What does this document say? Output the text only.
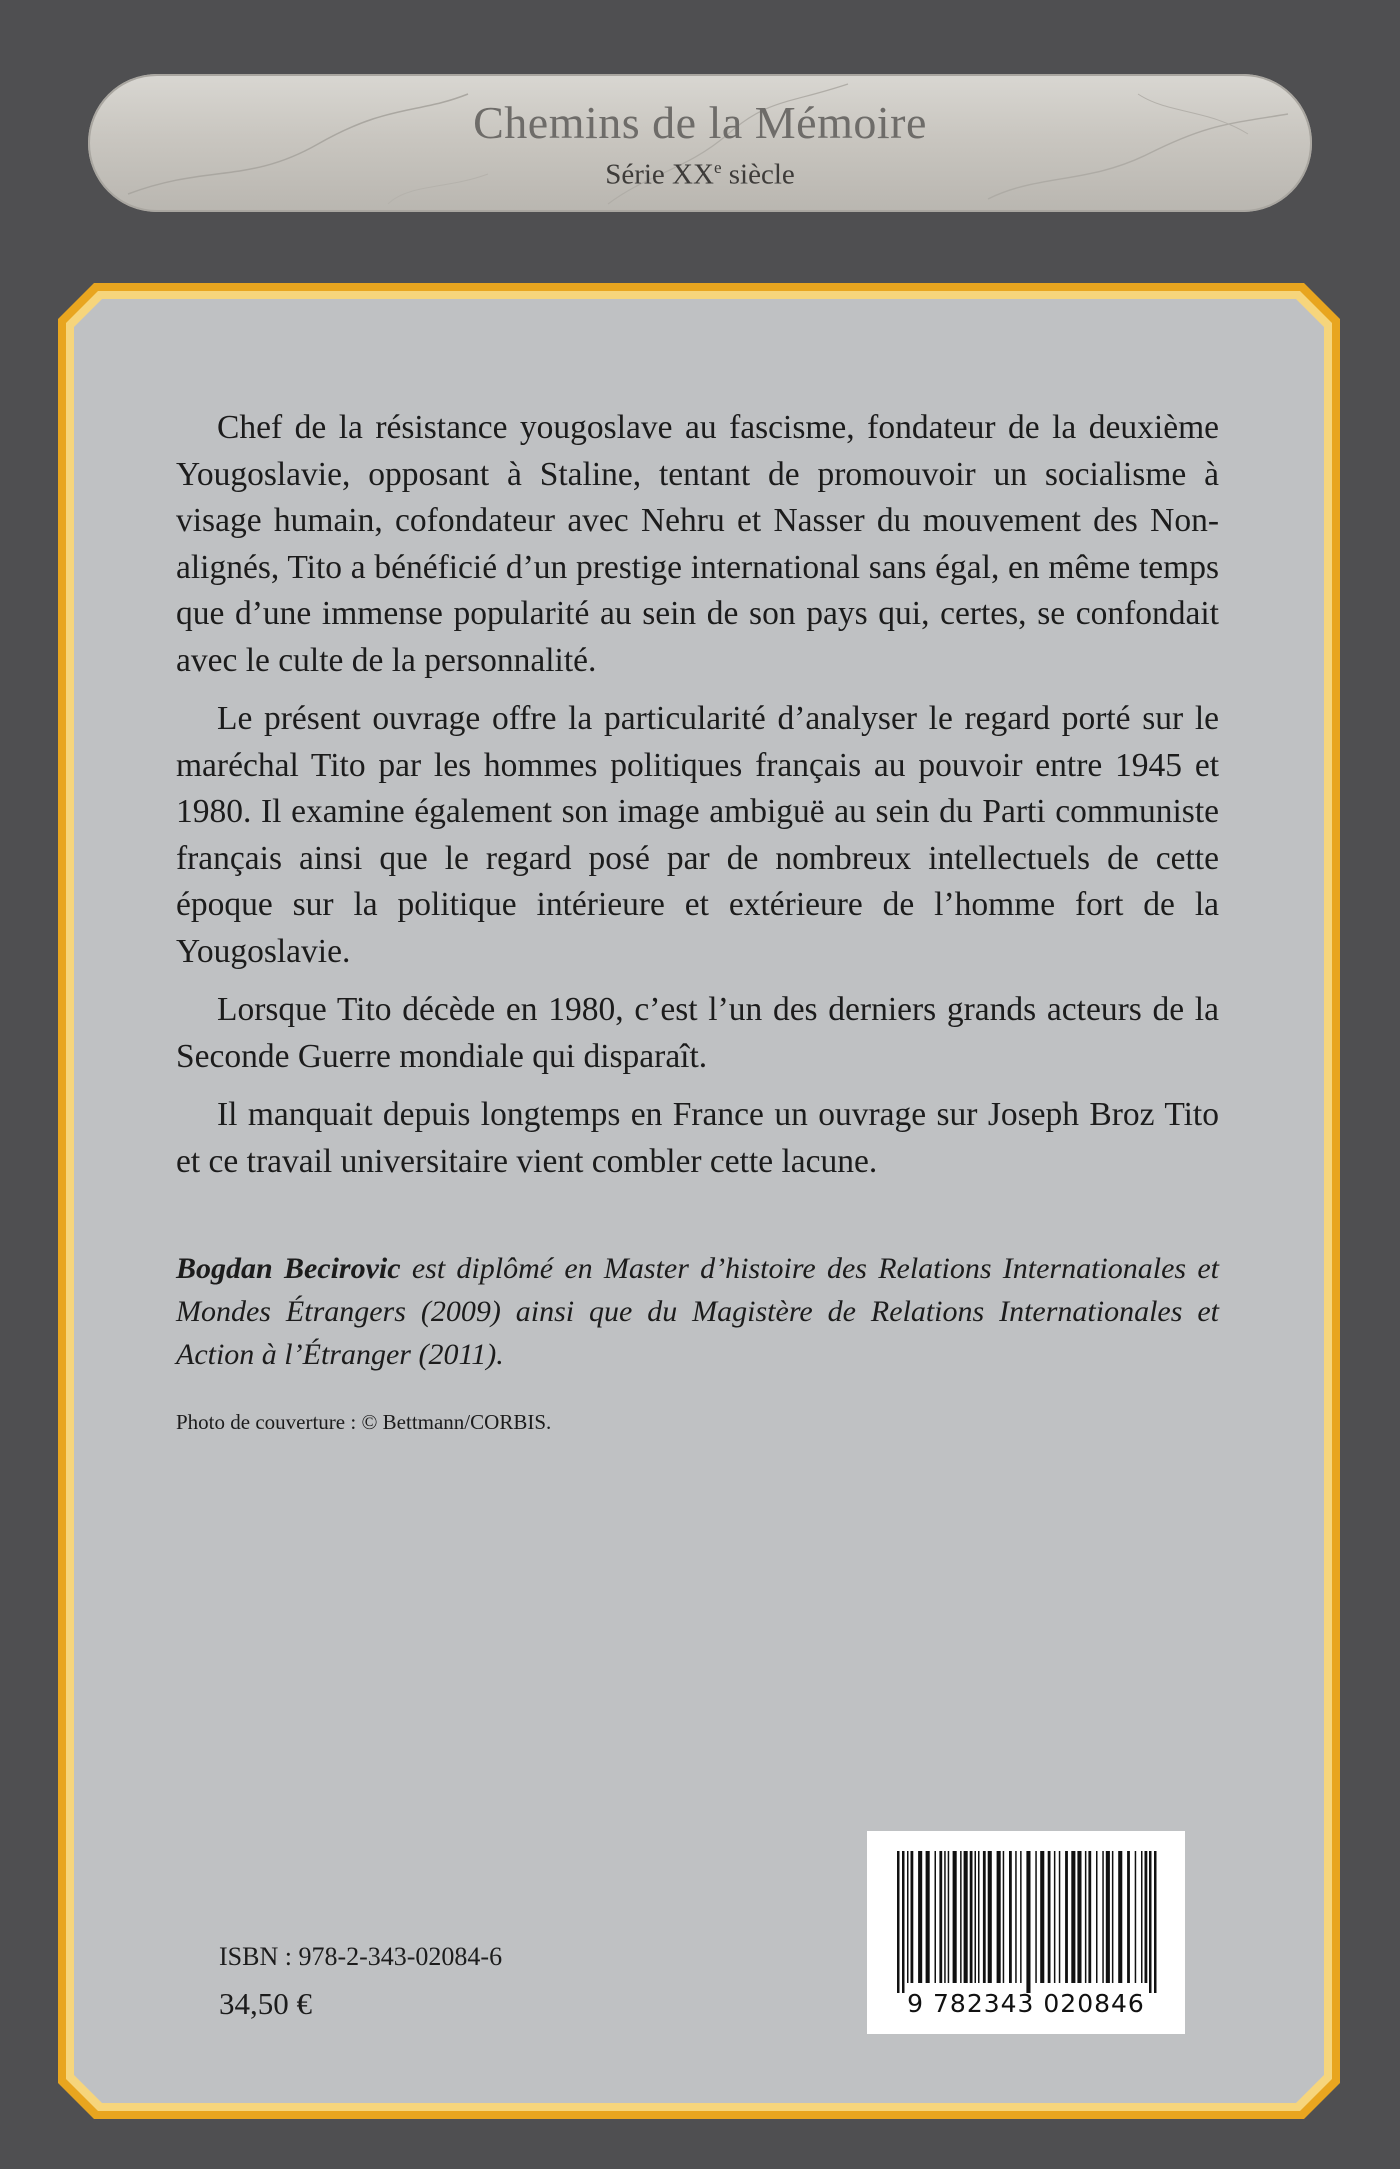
Chemins de la Mémoire
Série XXe siècle

Chef de la résistance yougoslave au fascisme, fondateur de la deuxième Yougoslavie, opposant à Staline, tentant de promouvoir un socialisme à visage humain, cofondateur avec Nehru et Nasser du mouvement des Non-alignés, Tito a bénéficié d’un prestige international sans égal, en même temps que d’une immense popularité au sein de son pays qui, certes, se confondait avec le culte de la personnalité.

Le présent ouvrage offre la particularité d’analyser le regard porté sur le maréchal Tito par les hommes politiques français au pouvoir entre 1945 et 1980. Il examine également son image ambiguë au sein du Parti communiste français ainsi que le regard posé par de nombreux intellectuels de cette époque sur la politique intérieure et extérieure de l’homme fort de la Yougoslavie.

Lorsque Tito décède en 1980, c’est l’un des derniers grands acteurs de la Seconde Guerre mondiale qui disparaît.

Il manquait depuis longtemps en France un ouvrage sur Joseph Broz Tito et ce travail universitaire vient combler cette lacune.

Bogdan Becirovic est diplômé en Master d’histoire des Relations Internationales et Mondes Étrangers (2009) ainsi que du Magistère de Relations Internationales et Action à l’Étranger (2011).
Photo de couverture : © Bettmann/CORBIS.
ISBN : 978-2-343-02084-6
34,50 €	9 782343 020846
